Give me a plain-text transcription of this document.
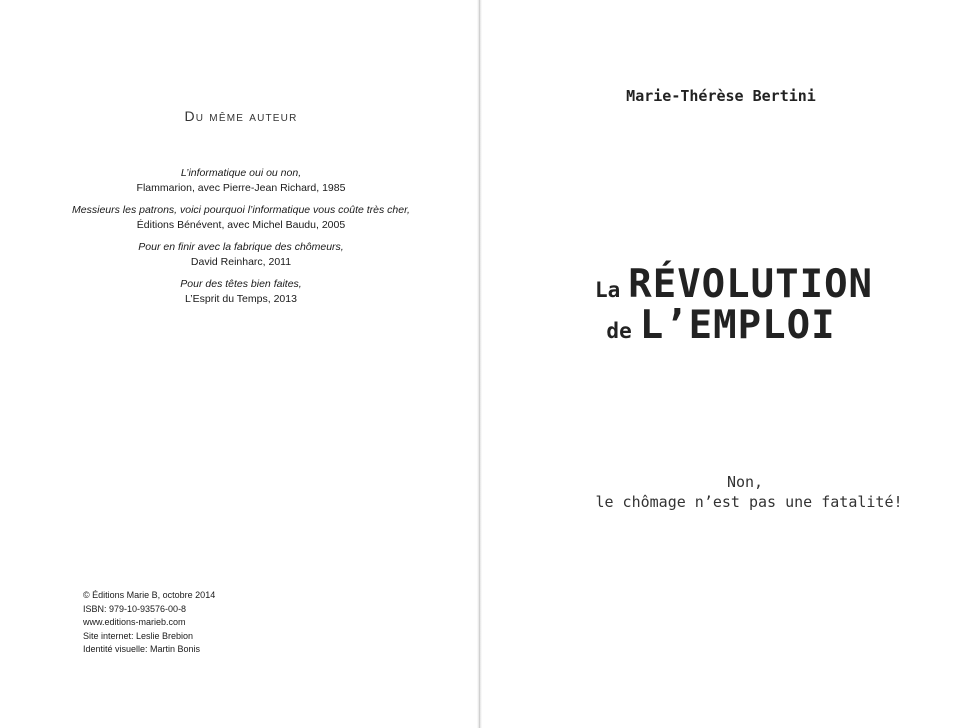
Du même auteur
L’informatique oui ou non,
Flammarion, avec Pierre-Jean Richard, 1985
Messieurs les patrons, voici pourquoi l’informatique vous coûte très cher,
Éditions Bénévent, avec Michel Baudu, 2005
Pour en finir avec la fabrique des chômeurs,
David Reinharc, 2011
Pour des têtes bien faites,
L’Esprit du Temps, 2013
© Éditions Marie B, octobre 2014
ISBN: 979-10-93576-00-8
www.editions-marieb.com
Site internet: Leslie Brebion
Identité visuelle: Martin Bonis
Marie-Thérèse Bertini
La RÉVOLUTION
de L’EMPLOI
Non,
le chômage n’est pas une fatalité!
